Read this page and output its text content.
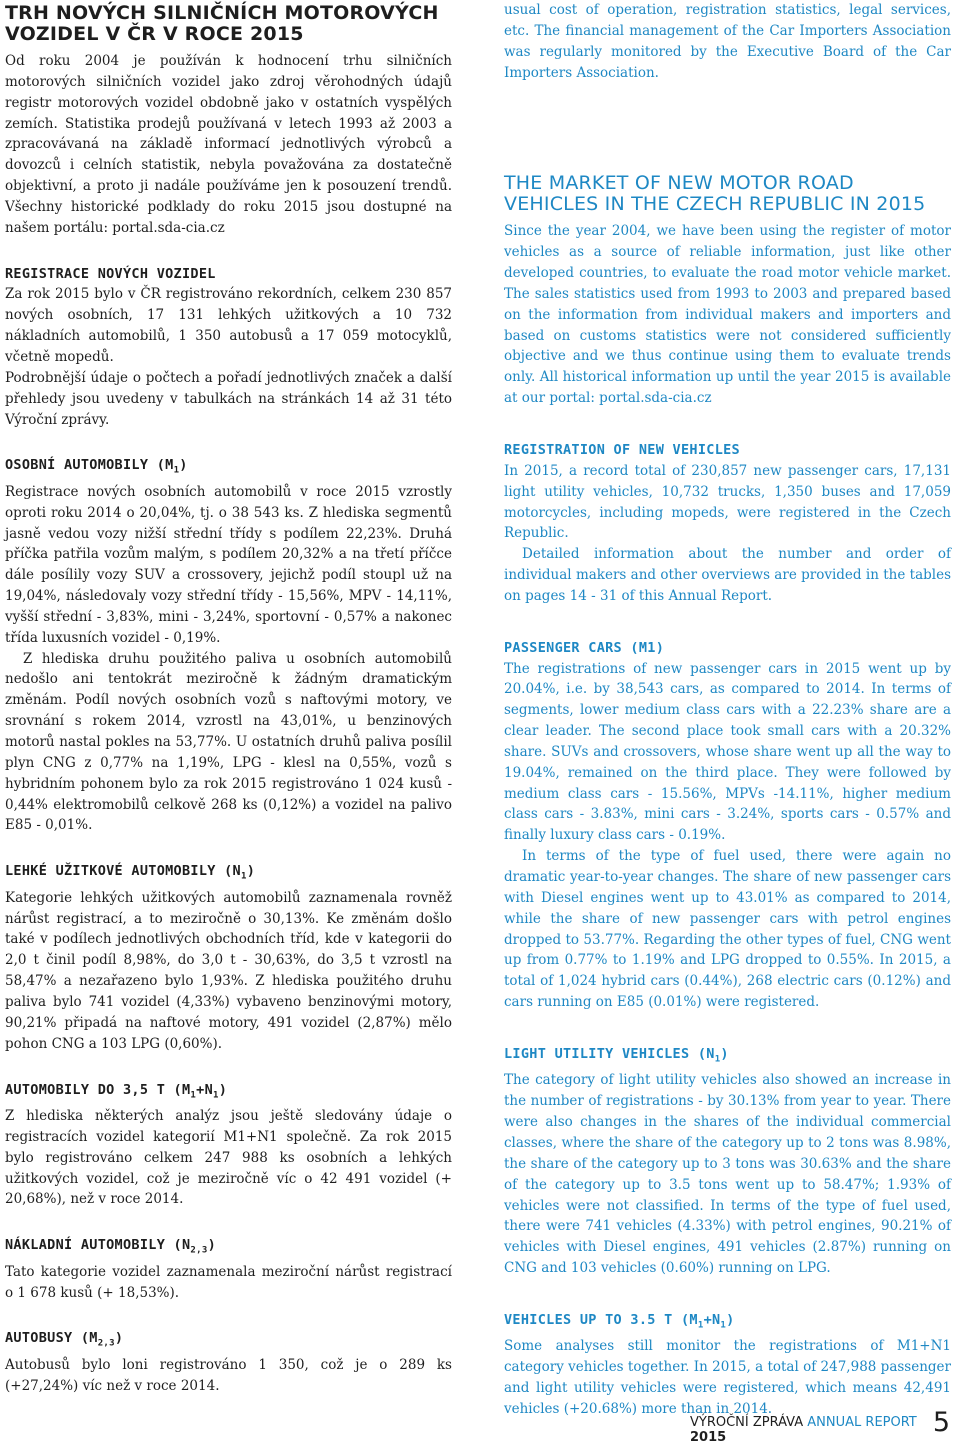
TRH NOVÝCH SILNIČNÍCH MOTOROVÝCH VOZIDEL V ČR V ROCE 2015

Od roku 2004 je používán k hodnocení trhu silničních motorových silničních vozidel jako zdroj věrohodných údajů registr motorových vozidel obdobně jako v ostatních vyspělých zemích. Statistika prodejů používaná v letech 1993 až 2003 a zpracovávaná na základě informací jednotlivých výrobců a dovozců i celních statistik, nebyla považována za dostatečně objektivní, a proto ji nadále používáme jen k posouzení trendů. Všechny historické podklady do roku 2015 jsou dostupné na našem portálu: portal.sda-cia.cz

REGISTRACE NOVÝCH VOZIDEL

Za rok 2015 bylo v ČR registrováno rekordních, celkem 230 857 nových osobních, 17 131 lehkých užitkových a 10 732 nákladních automobilů, 1 350 autobusů a 17 059 motocyklů, včetně mopedů.

Podrobnější údaje o počtech a pořadí jednotlivých značek a další přehledy jsou uvedeny v tabulkách na stránkách 14 až 31 této Výroční zprávy.

OSOBNÍ AUTOMOBILY $(M_1)$

Registrace nových osobních automobilů v roce 2015 vzrostly oproti roku 2014 o 20,04%, tj. o 38 543 ks. Z hlediska segmentů jasně vedou vozy nižší střední třídy s podílem 22,23%. Druhá příčka patřila vozům malým, s podílem 20,32% a na třetí příčce dále posílily vozy SUV a crossovery, jejichž podíl stoupl už na 19,04%, následovaly vozy střední třídy - 15,56%, MPV - 14,11%, vyšší střední - 3,83%, mini - 3,24%, sportovní - 0,57% a nakonec třída luxusních vozidel - 0,19%.

Z hlediska druhu použitého paliva u osobních automobilů nedošlo ani tentokrát meziročně k žádným dramatickým změnám. Podíl nových osobních vozů s naftovými motory, ve srovnání s rokem 2014, vzrostl na 43,01%, u benzinových motorů nastal pokles na 53,77%. U ostatních druhů paliva posílil plyn CNG z 0,77% na 1,19%, LPG - klesl na 0,55%, vozů s hybridním pohonem bylo za rok 2015 registrováno 1 024 kusů - 0,44% elektromobilů celkově 268 ks (0,12%) a vozidel na palivo E85 - 0,01%.

LEHKÉ UŽITKOVÉ AUTOMOBILY $(N_1)$

Kategorie lehkých užitkových automobilů zaznamenala rovněž nárůst registrací, a to meziročně o 30,13%. Ke změnám došlo také v podílech jednotlivých obchodních tříd, kde v kategorii do 2,0 t činil podíl 8,98%, do 3,0 t - 30,63%, do 3,5 t vzrostl na 58,47% a nezařazeno bylo 1,93%. Z hlediska použitého druhu paliva bylo 741 vozidel (4,33%) vybaveno benzinovými motory, 90,21% připadá na naftové motory, 491 vozidel (2,87%) mělo pohon CNG a 103 LPG (0,60%).

AUTOMOBILY DO 3,5 T $(M_1+N_1)$

Z hlediska některých analýz jsou ještě sledovány údaje o registracích vozidel kategorií M1+N1 společně. Za rok 2015 bylo registrováno celkem 247 988 ks osobních a lehkých užitkových vozidel, což je meziročně víc o 42 491 vozidel (+ 20,68%), než v roce 2014.

NÁKLADNÍ AUTOMOBILY $(N_{2,3})$

Tato kategorie vozidel zaznamenala meziroční nárůst registrací o 1 678 kusů (+ 18,53%).

AUTOBUSY $(M_{2,3})$

Autobusů bylo loni registrováno 1 350, což je o 289 ks (+27,24%) víc než v roce 2014.

usual cost of operation, registration statistics, legal services, etc. The financial management of the Car Importers Association was regularly monitored by the Executive Board of the Car Importers Association.

THE MARKET OF NEW MOTOR ROAD VEHICLES IN THE CZECH REPUBLIC IN 2015

Since the year 2004, we have been using the register of motor vehicles as a source of reliable information, just like other developed countries, to evaluate the road motor vehicle market. The sales statistics used from 1993 to 2003 and prepared based on the information from individual makers and importers and based on customs statistics were not considered sufficiently objective and we thus continue using them to evaluate trends only. All historical information up until the year 2015 is available at our portal: portal.sda-cia.cz

REGISTRATION OF NEW VEHICLES

In 2015, a record total of 230,857 new passenger cars, 17,131 light utility vehicles, 10,732 trucks, 1,350 buses and 17,059 motorcycles, including mopeds, were registered in the Czech Republic.

Detailed information about the number and order of individual makers and other overviews are provided in the tables on pages 14 - 31 of this Annual Report.

PASSENGER CARS (M1)

The registrations of new passenger cars in 2015 went up by 20.04%, i.e. by 38,543 cars, as compared to 2014. In terms of segments, lower medium class cars with a 22.23% share are a clear leader. The second place took small cars with a 20.32% share. SUVs and crossovers, whose share went up all the way to 19.04%, remained on the third place. They were followed by medium class cars - 15.56%, MPVs -14.11%, higher medium class cars - 3.83%, mini cars - 3.24%, sports cars - 0.57% and finally luxury class cars - 0.19%.

In terms of the type of fuel used, there were again no dramatic year-to-year changes. The share of new passenger cars with Diesel engines went up to 43.01% as compared to 2014, while the share of new passenger cars with petrol engines dropped to 53.77%. Regarding the other types of fuel, CNG went up from 0.77% to 1.19% and LPG dropped to 0.55%. In 2015, a total of 1,024 hybrid cars (0.44%), 268 electric cars (0.12%) and cars running on E85 (0.01%) were registered.

LIGHT UTILITY VEHICLES $(N_1)$

The category of light utility vehicles also showed an increase in the number of registrations - by 30.13% from year to year. There were also changes in the shares of the individual commercial classes, where the share of the category up to 2 tons was 8.98%, the share of the category up to 3 tons was 30.63% and the share of the category up to 3.5 tons went up to 58.47%; 1.93% of vehicles were not classified. In terms of the type of fuel used, there were 741 vehicles (4.33%) with petrol engines, 90.21% of vehicles with Diesel engines, 491 vehicles (2.87%) running on CNG and 103 vehicles (0.60%) running on LPG.

VEHICLES UP TO 3.5 T $(M_1+N_1)$

Some analyses still monitor the registrations of M1+N1 category vehicles together. In 2015, a total of 247,988 passenger and light utility vehicles were registered, which means 42,491 vehicles (+20.68%) more than in 2014.

VÝROČNÍ ZPRÁVA ANNUAL REPORT 2015	5
